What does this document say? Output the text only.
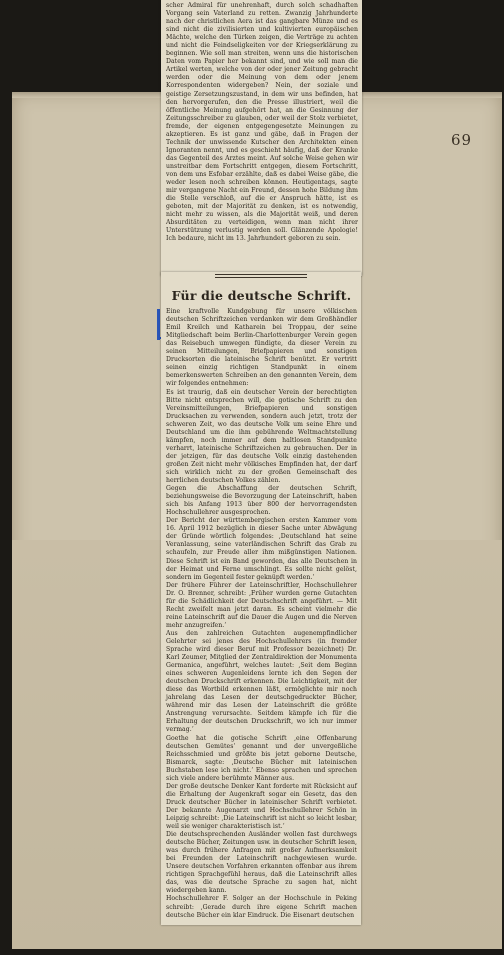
69

scher Admiral für unehrenhaft, durch solch schadhaften Vorgang sein Vaterland zu retten. Zwanzig Jahrhunderte nach der christlichen Aera ist das gangbare Münze und es sind nicht die zivilisierten und kultivierten europäischen Mächte, welche den Türken zeigen, die Verträge zu achten und nicht die Feindseligkeiten vor der Kriegserklärung zu beginnen. Wie soll man streiten, wenn uns die historischen Daten vom Papier her bekannt sind, und wie soll man die Artikel werten, welche von der oder jener Zeitung gebracht werden oder die Meinung von dem oder jenem Korrespondenten widergeben? Nein, der soziale und geistige Zersetzungszustand, in dem wir uns befinden, hat den hervorgerufen, den die Presse illustriert, weil die öffentliche Meinung aufgehört hat, an die Gesinnung der Zeitungsschreiber zu glauben, oder weil der Stolz verbietet, fremde, der eigenen entgegengesetzte Meinungen zu akzeptieren. Es ist ganz und gäbe, daß in Fragen der Technik der unwissende Kutscher den Architekten einen Ignoranten nennt, und es geschieht häufig, daß der Kranke das Gegenteil des Arztes meint. Auf solche Weise gehen wir unstreitbar dem Fortschritt entgegen, diesem Fortschritt, von dem uns Esfobar erzählte, daß es dabei Weise gäbe, die weder lesen noch schreiben können. Heutigentags, sagte mir vergangene Nacht ein Freund, dessen hohe Bildung ihm die Stelle verschloß, auf die er Anspruch hätte, ist es geboten, mit der Majorität zu denken, ist es notwendig, nicht mehr zu wissen, als die Majorität weiß, und deren Absurditäten zu verteidigen, wenn man nicht ihrer Unterstützung verlustig werden soll. Glänzende Apologie! Ich bedaure, nicht im 13. Jahrhundert geboren zu sein.

Für die deutsche Schrift.

Eine kraftvolle Kundgebung für unsere völkischen deutschen Schriftzeichen verdanken wir dem Großhändler Emil Kreilch und Katharein bei Troppau, der seine Mitgliedschaft beim Berlin-Charlottenburger Verein gegen das Reisebuch umwegen fündigte, da dieser Verein zu seinen Mitteilungen, Briefpapieren und sonstigen Drucksorten die lateinische Schrift benützt. Er vertritt seinen einzig richtigen Standpunkt in einem bemerkenswerten Schreiben an den genannten Verein, dem wir folgendes entnehmen:

Es ist traurig, daß ein deutscher Verein der berechtigten Bitte nicht entsprechen will, die gotische Schrift zu den Vereinsmitteilungen, Briefpapieren und sonstigen Drucksachen zu verwenden, sondern auch jetzt, trotz der schweren Zeit, wo das deutsche Volk um seine Ehre und Deutschland um die ihm gebührende Weltmachtstellung kämpfen, noch immer auf dem haltlosen Standpunkte verharrt, lateinische Schriftzeichen zu gebrauchen. Der in der jetzigen, für das deutsche Volk einzig dastehenden großen Zeit nicht mehr völkisches Empfinden hat, der darf sich wirklich nicht zu der großen Gemeinschaft des herrlichen deutschen Volkes zählen.

Gegen die Abschaffung der deutschen Schrift, beziehungsweise die Bevorzugung der Lateinschrift, haben sich bis Anfang 1913 über 800 der hervorragendsten Hochschullehrer ausgesprochen.

Der Bericht der württembergischen ersten Kammer vom 16. April 1912 bezüglich in dieser Sache unter Abwägung der Gründe wörtlich folgendes: ‚Deutschland hat seine Veranlassung, seine vaterländischen Schrift das Grab zu schaufeln, zur Freude aller ihm mißgünstigen Nationen. Diese Schrift ist ein Band geworden, das alle Deutschen in der Heimat und Ferne umschlingt. Es sollte nicht gelöst, sondern im Gegenteil fester geknüpft werden.‘

Der frühere Führer der Lateinschriftler, Hochschullehrer Dr. O. Brenner, schreibt: ‚Früher wurden gerne Gutachten für die Schädlichkeit der Deutschschrift angeführt. — Mit Recht zweifelt man jetzt daran. Es scheint vielmehr die reine Lateinschrift auf die Dauer die Augen und die Nerven mehr anzugreifen.‘

Aus den zahlreichen Gutachten augenempfindlicher Gelehrter sei jenes des Hochschullehrers (in fremder Sprache wird dieser Beruf mit Professor bezeichnet) Dr. Karl Zeumer, Mitglied der Zentraldirektion der Monumenta Germanica, angeführt, welches lautet: ‚Seit dem Beginn eines schweren Augenleidens lernte ich den Segen der deutschen Druckschrift erkennen. Die Leichtigkeit, mit der diese das Wortbild erkennen läßt, ermöglichte mir noch jahrelang das Lesen der deutschgedruckter Bücher, während mir das Lesen der Lateinschrift die größte Anstrengung verursachte. Seitdem kämpfe ich für die Erhaltung der deutschen Druckschrift, wo ich nur immer vermag.‘

Goethe hat die gotische Schrift ‚eine Offenbarung deutschen Gemütes‘ genannt und der unvergeßliche Reichsschmied und größte bis jetzt geborne Deutsche, Bismarck, sagte: ‚Deutsche Bücher mit lateinischen Buchstaben lese ich nicht.‘ Ebenso sprachen und sprechen sich viele andere berühmte Männer aus.

Der große deutsche Denker Kant forderte mit Rücksicht auf die Erhaltung der Augenkraft sogar ein Gesetz, das den Druck deutscher Bücher in lateinischer Schrift verbietet. Der bekannte Augenarzt und Hochschullehrer Schön in Leipzig schreibt: ‚Die Lateinschrift ist nicht so leicht lesbar, weil sie weniger charakteristisch ist.‘

Die deutschsprechenden Ausländer wollen fast durchwegs deutsche Bücher, Zeitungen usw. in deutscher Schrift lesen, was durch frühere Anfragen mit großer Aufmerksamkeit bei Freunden der Lateinschrift nachgewiesen wurde. Unsere deutschen Vorfahren erkannten offenbar aus ihrem richtigen Sprachgefühl heraus, daß die Lateinschrift alles das, was die deutsche Sprache zu sagen hat, nicht wiedergeben kann.

Hochschullehrer F. Solger an der Hochschule in Peking schreibt: ‚Gerade durch ihre eigene Schrift machen deutsche Bücher ein klar Eindruck. Die Eisenart deutschen
